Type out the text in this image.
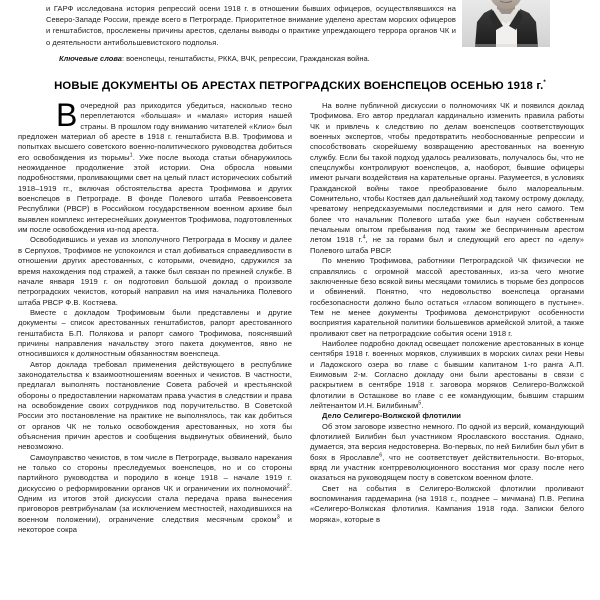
и ГАРФ исследована история репрессий осени 1918 г. в отношении бывших офицеров, осуществлявшихся на Северо-Западе России, прежде всего в Петрограде. Приоритетное внимание уделено арестам морских офицеров и генштабистов, прослежены причины арестов, сделаны выводы о практике упреждающего террора органов ЧК и о деятельности антибольшевистского подполья.

Ключевые слова: военспецы, генштабисты, РККА, ВЧК, репрессии, Гражданская война.

НОВЫЕ ДОКУМЕНТЫ ОБ АРЕСТАХ ПЕТРОГРАДСКИХ ВОЕНСПЕЦОВ ОСЕНЬЮ 1918 г.*

Вочередной раз приходится убедиться, насколько тесно переплетаются «большая» и «малая» история нашей страны. В прошлом году вниманию читателей «Клио» был предложен материал об аресте в 1918 г. генштабиста В.В. Трофимова и попытках высшего советского военно-политического руководства добиться его освобождения из тюрьмы$^1$. Уже после выхода статьи обнаружилось неожиданное продолжение этой истории. Она обросла новыми подробностями, проливающими свет на целый пласт исторических событий 1918–1919 гг., включая обстоятельства ареста Трофимова и других военспецов в Петрограде. В фонде Полевого штаба Реввоенсовета Республики (РВСР) в Российском государственном военном архиве был выявлен комплекс интереснейших документов Трофимова, подготовленных им после освобождения из-под ареста.

Освободившись и уехав из злополучного Петрограда в Москву и далее в Серпухов, Трофимов не успокоился и стал добиваться справедливости в отношении других арестованных, с которыми, очевидно, сдружился за время нахождения под стражей, а также был связан по прежней службе. В начале января 1919 г. он подготовил большой доклад о произволе петроградских чекистов, который направил на имя начальника Полевого штаба РВСР Ф.В. Костяева.

Вместе с докладом Трофимовым были представлены и другие документы – список арестованных генштабистов, рапорт арестованного генштабиста Б.П. Полякова и рапорт самого Трофимова, пояснявший причины направления начальству этого пакета документов, явно не относившихся к должностным обязанностям военспеца.

Автор доклада требовал применения действующего в республике законодательства к взаимоотношениям военных и чекистов. В частности, предлагал выполнять постановление Совета рабочей и крестьянской обороны о предоставлении наркоматам права участия в следствии и права на освобождение своих сотрудников под поручительство. В Советской России это постановление на практике не выполнялось, так как добиться от органов ЧК не только освобождения арестованных, но хотя бы объяснения причин арестов и сообщения выдвинутых обвинений, было невозможно.

Самоуправство чекистов, в том числе в Петрограде, вызвало нарекания не только со стороны преследуемых военспецов, но и со стороны партийного руководства и породило в конце 1918 – начале 1919 г. дискуссию о реформировании органов ЧК и ограничении их полномочий$^2$. Одним из итогов этой дискуссии стала передача права вынесения приговоров ревтрибуналам (за исключением местностей, находившихся на военном положении), ограничение следствия месячным сроком$^3$ и некоторое сокра

На волне публичной дискуссии о полномочиях ЧК и появился доклад Трофимова. Его автор предлагал кардинально изменить правила работы ЧК и привлечь к следствию по делам военспецов соответствующих военных экспертов, чтобы предотвратить необоснованные репрессии и способствовать скорейшему возвращению арестованных на военную службу. Если бы такой подход удалось реализовать, получалось бы, что не спецслужбы контролируют военспецов, а, наоборот, бывшие офицеры имеют рычаги воздействия на карательные органы. Разумеется, в условиях Гражданской войны такое преобразование было малореальным. Сомнительно, чтобы Костяев дал дальнейший ход такому острому докладу, чреватому непредсказуемыми последствиями и для него самого. Тем более что начальник Полевого штаба уже был научен собственным печальным опытом пребывания под таким же беспричинным арестом летом 1918 г.$^4$, не за горами был и следующий его арест по «делу» Полевого штаба РВСР.

По мнению Трофимова, работники Петроградской ЧК физически не справлялись с огромной массой арестованных, из-за чего многие заключенные безо всякой вины месяцами томились в тюрьме без допросов и обвинений. Понятно, что недовольство военспеца органами госбезопасности должно было остаться «гласом вопиющего в пустыне». Тем не менее документы Трофимова демонстрируют особенности восприятия карательной политики большевиков армейской элитой, а также проливают свет на петроградские события осени 1918 г.

Наиболее подробно доклад освещает положение арестованных в конце сентября 1918 г. военных моряков, служивших в морских силах реки Невы и Ладожского озера во главе с бывшим капитаном 1-го ранга А.П. Екимовым 2-м. Согласно докладу они были арестованы в связи с раскрытием в сентябре 1918 г. заговора моряков Селигеро-Волжской флотилии в Осташкове во главе с ее командующим, бывшим старшим лейтенантом И.Н. Билибиным$^5$.

Дело Селигеро-Волжской флотилии

Об этом заговоре известно немного. По одной из версий, командующий флотилией Билибин был участником Ярославского восстания. Однако, думается, эта версия недостоверна. Во-первых, по ней Билибин был убит в боях в Ярославле$^6$, что не соответствует действительности. Во-вторых, вряд ли участник контрреволюционного восстания мог сразу после него оказаться на руководящем посту в советском военном флоте.

Свет на события в Селигеро-Волжской флотилии проливают воспоминания гардемарина (на 1918 г., позднее – мичмана) П.В. Репина «Селигеро-Волжская флотилия. Кампания 1918 года. Записки белого моряка», которые в
